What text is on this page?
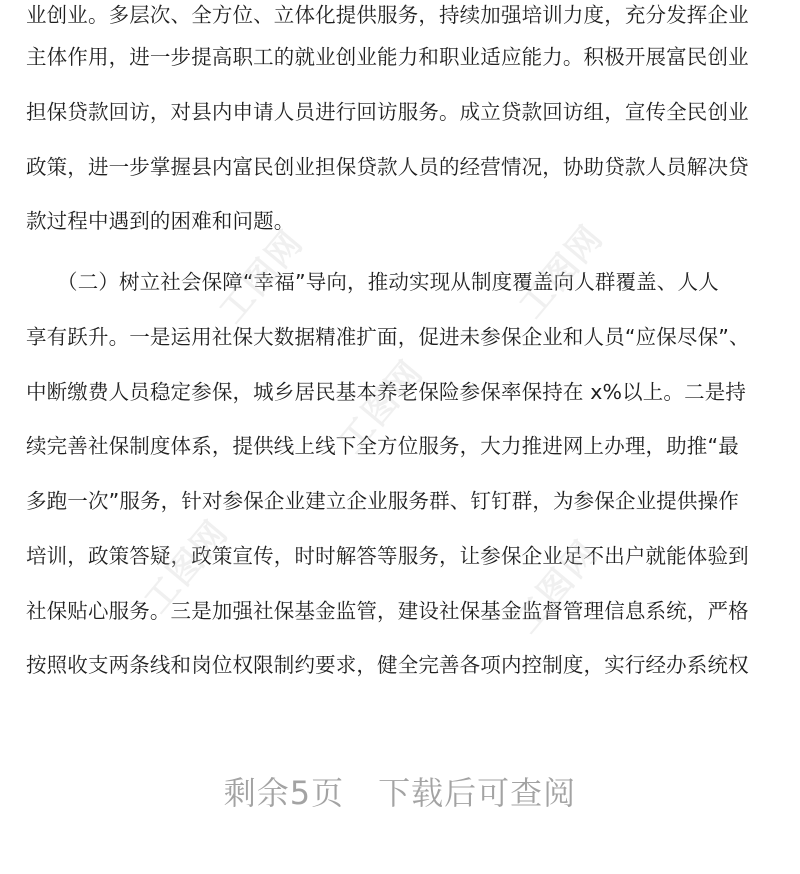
业创业。多层次、全方位、立体化提供服务，持续加强培训力度，充分发挥企业
主体作用，进一步提高职工的就业创业能力和职业适应能力。积极开展富民创业
担保贷款回访，对县内申请人员进行回访服务。成立贷款回访组，宣传全民创业
政策，进一步掌握县内富民创业担保贷款人员的经营情况，协助贷款人员解决贷
款过程中遇到的困难和问题。
　　（二）树立社会保障“幸福”导向，推动实现从制度覆盖向人群覆盖、人人
享有跃升。一是运用社保大数据精准扩面，促进未参保企业和人员“应保尽保”、
中断缴费人员稳定参保，城乡居民基本养老保险参保率保持在 x%以上。二是持
续完善社保制度体系，提供线上线下全方位服务，大力推进网上办理，助推“最
多跑一次”服务，针对参保企业建立企业服务群、钉钉群，为参保企业提供操作
培训，政策答疑，政策宣传，时时解答等服务，让参保企业足不出户就能体验到
社保贴心服务。三是加强社保基金监管，建设社保基金监督管理信息系统，严格
按照收支两条线和岗位权限制约要求，健全完善各项内控制度，实行经办系统权
工图网	工图网
工图网
工图网	工图网
剩余5页 下载后可查阅
